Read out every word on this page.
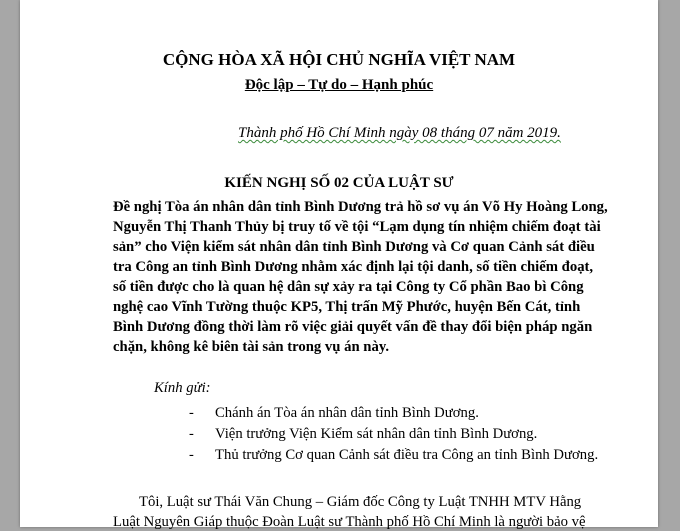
CỘNG HÒA XÃ HỘI CHỦ NGHĨA VIỆT NAM
Độc lập – Tự do – Hạnh phúc
Thành phố Hồ Chí Minh ngày 08 tháng 07 năm 2019.
KIẾN NGHỊ SỐ 02 CỦA LUẬT SƯ
Đề nghị Tòa án nhân dân tỉnh Bình Dương trả hồ sơ vụ án Võ Hy Hoàng Long,
Nguyễn Thị Thanh Thủy bị truy tố về tội “Lạm dụng tín nhiệm chiếm đoạt tài
sản” cho Viện kiểm sát nhân dân tỉnh Bình Dương và Cơ quan Cảnh sát điều
tra Công an tỉnh Bình Dương nhằm xác định lại tội danh, số tiền chiếm đoạt,
số tiền được cho là quan hệ dân sự xảy ra tại Công ty Cổ phần Bao bì Công
nghệ cao Vĩnh Tường thuộc KP5, Thị trấn Mỹ Phước, huyện Bến Cát, tỉnh
Bình Dương đồng thời làm rõ việc giải quyết vấn đề thay đổi biện pháp ngăn
chặn, không kê biên tài sản trong vụ án này.
Kính gửi:
- Chánh án Tòa án nhân dân tỉnh Bình Dương.
- Viện trưởng Viện Kiểm sát nhân dân tỉnh Bình Dương.
- Thủ trưởng Cơ quan Cảnh sát điều tra Công an tỉnh Bình Dương.
Tôi, Luật sư Thái Văn Chung – Giám đốc Công ty Luật TNHH MTV Hằng
Luật Nguyên Giáp thuộc Đoàn Luật sư Thành phố Hồ Chí Minh là người bảo vệ
